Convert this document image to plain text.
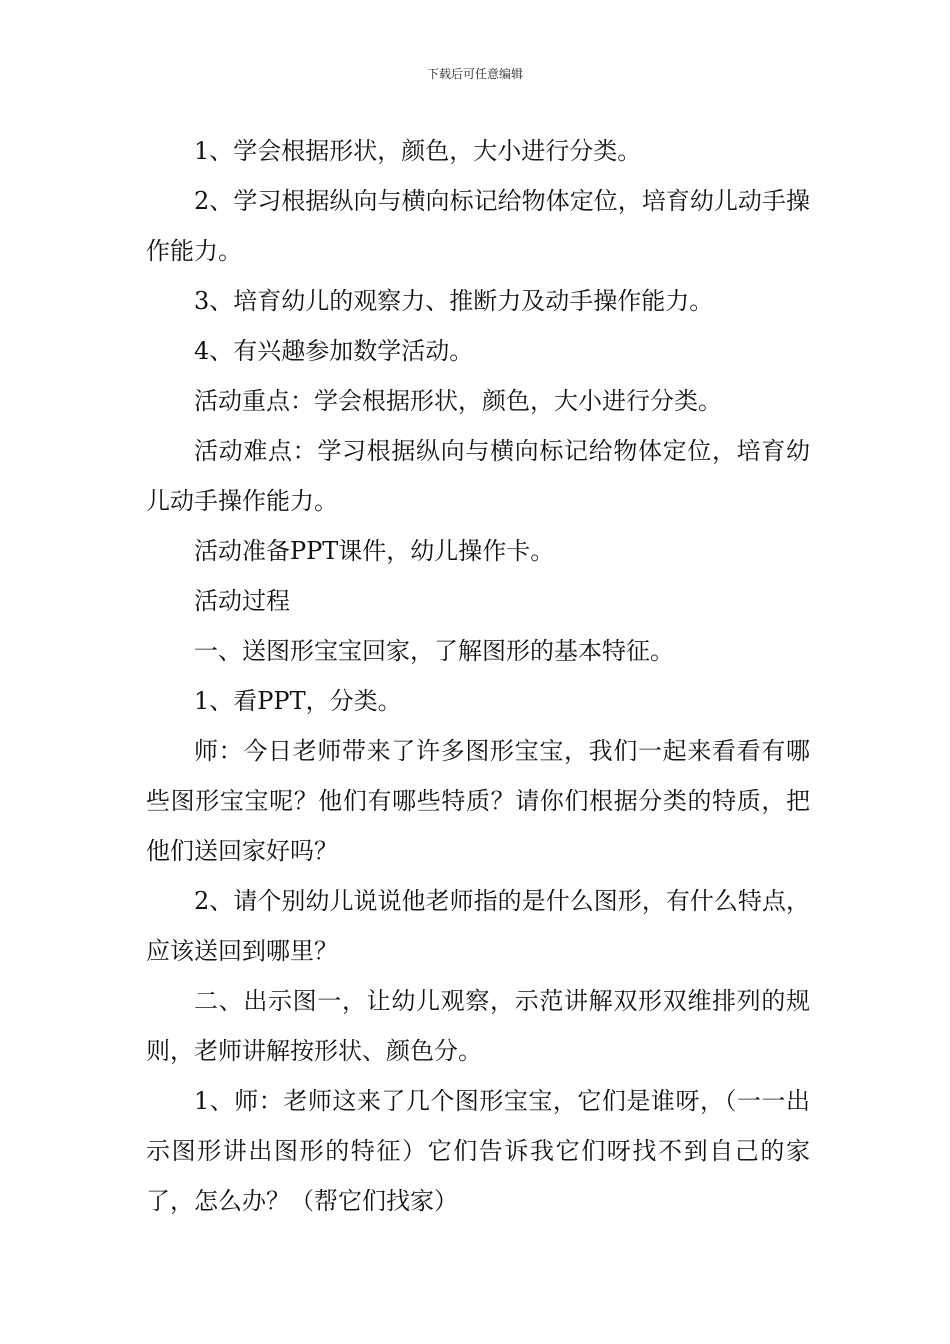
下载后可任意编辑

1、学会根据形状，颜色，大小进行分类。

2、学习根据纵向与横向标记给物体定位，培育幼儿动手操作能力。

3、培育幼儿的观察力、推断力及动手操作能力。

4、有兴趣参加数学活动。

活动重点：学会根据形状，颜色，大小进行分类。

活动难点：学习根据纵向与横向标记给物体定位，培育幼儿动手操作能力。

活动准备PPT课件，幼儿操作卡。

活动过程

一、送图形宝宝回家，了解图形的基本特征。

1、看PPT，分类。

师：今日老师带来了许多图形宝宝，我们一起来看看有哪些图形宝宝呢？他们有哪些特质？请你们根据分类的特质，把他们送回家好吗？

2、请个别幼儿说说他老师指的是什么图形，有什么特点，应该送回到哪里？

二、出示图一，让幼儿观察，示范讲解双形双维排列的规则，老师讲解按形状、颜色分。

1、师：老师这来了几个图形宝宝，它们是谁呀，（一一出示图形讲出图形的特征）它们告诉我它们呀找不到自己的家了，怎么办？（帮它们找家）
